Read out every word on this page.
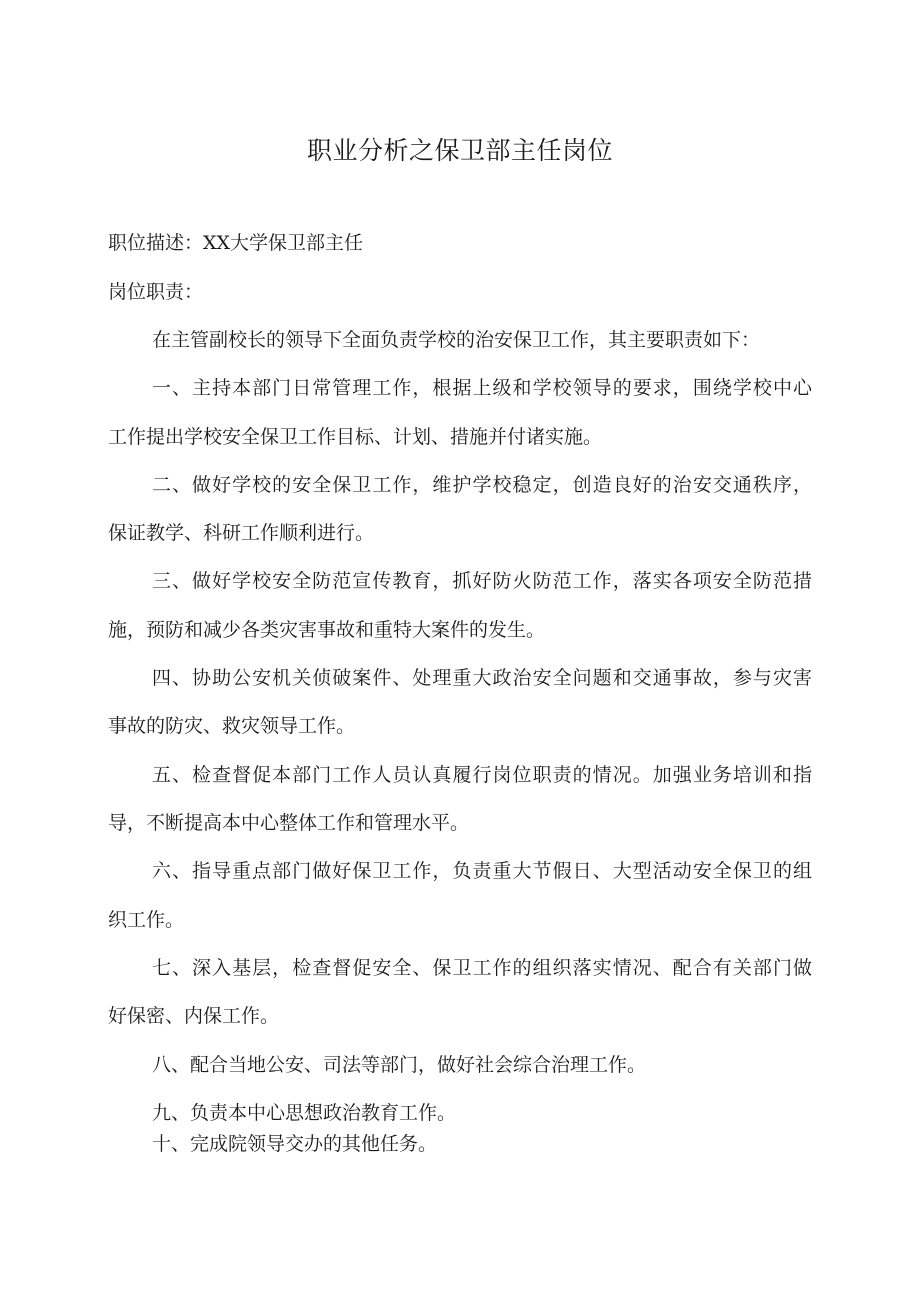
职业分析之保卫部主任岗位
职位描述：XX大学保卫部主任
岗位职责：
在主管副校长的领导下全面负责学校的治安保卫工作，其主要职责如下：
一、主持本部门日常管理工作，根据上级和学校领导的要求，围绕学校中心
工作提出学校安全保卫工作目标、计划、措施并付诸实施。
二、做好学校的安全保卫工作，维护学校稳定，创造良好的治安交通秩序，
保证教学、科研工作顺利进行。
三、做好学校安全防范宣传教育，抓好防火防范工作，落实各项安全防范措
施，预防和减少各类灾害事故和重特大案件的发生。
四、协助公安机关侦破案件、处理重大政治安全问题和交通事故，参与灾害
事故的防灾、救灾领导工作。
五、检查督促本部门工作人员认真履行岗位职责的情况。加强业务培训和指
导，不断提高本中心整体工作和管理水平。
六、指导重点部门做好保卫工作，负责重大节假日、大型活动安全保卫的组
织工作。
七、深入基层，检查督促安全、保卫工作的组织落实情况、配合有关部门做
好保密、内保工作。
八、配合当地公安、司法等部门，做好社会综合治理工作。
九、负责本中心思想政治教育工作。
十、完成院领导交办的其他任务。
